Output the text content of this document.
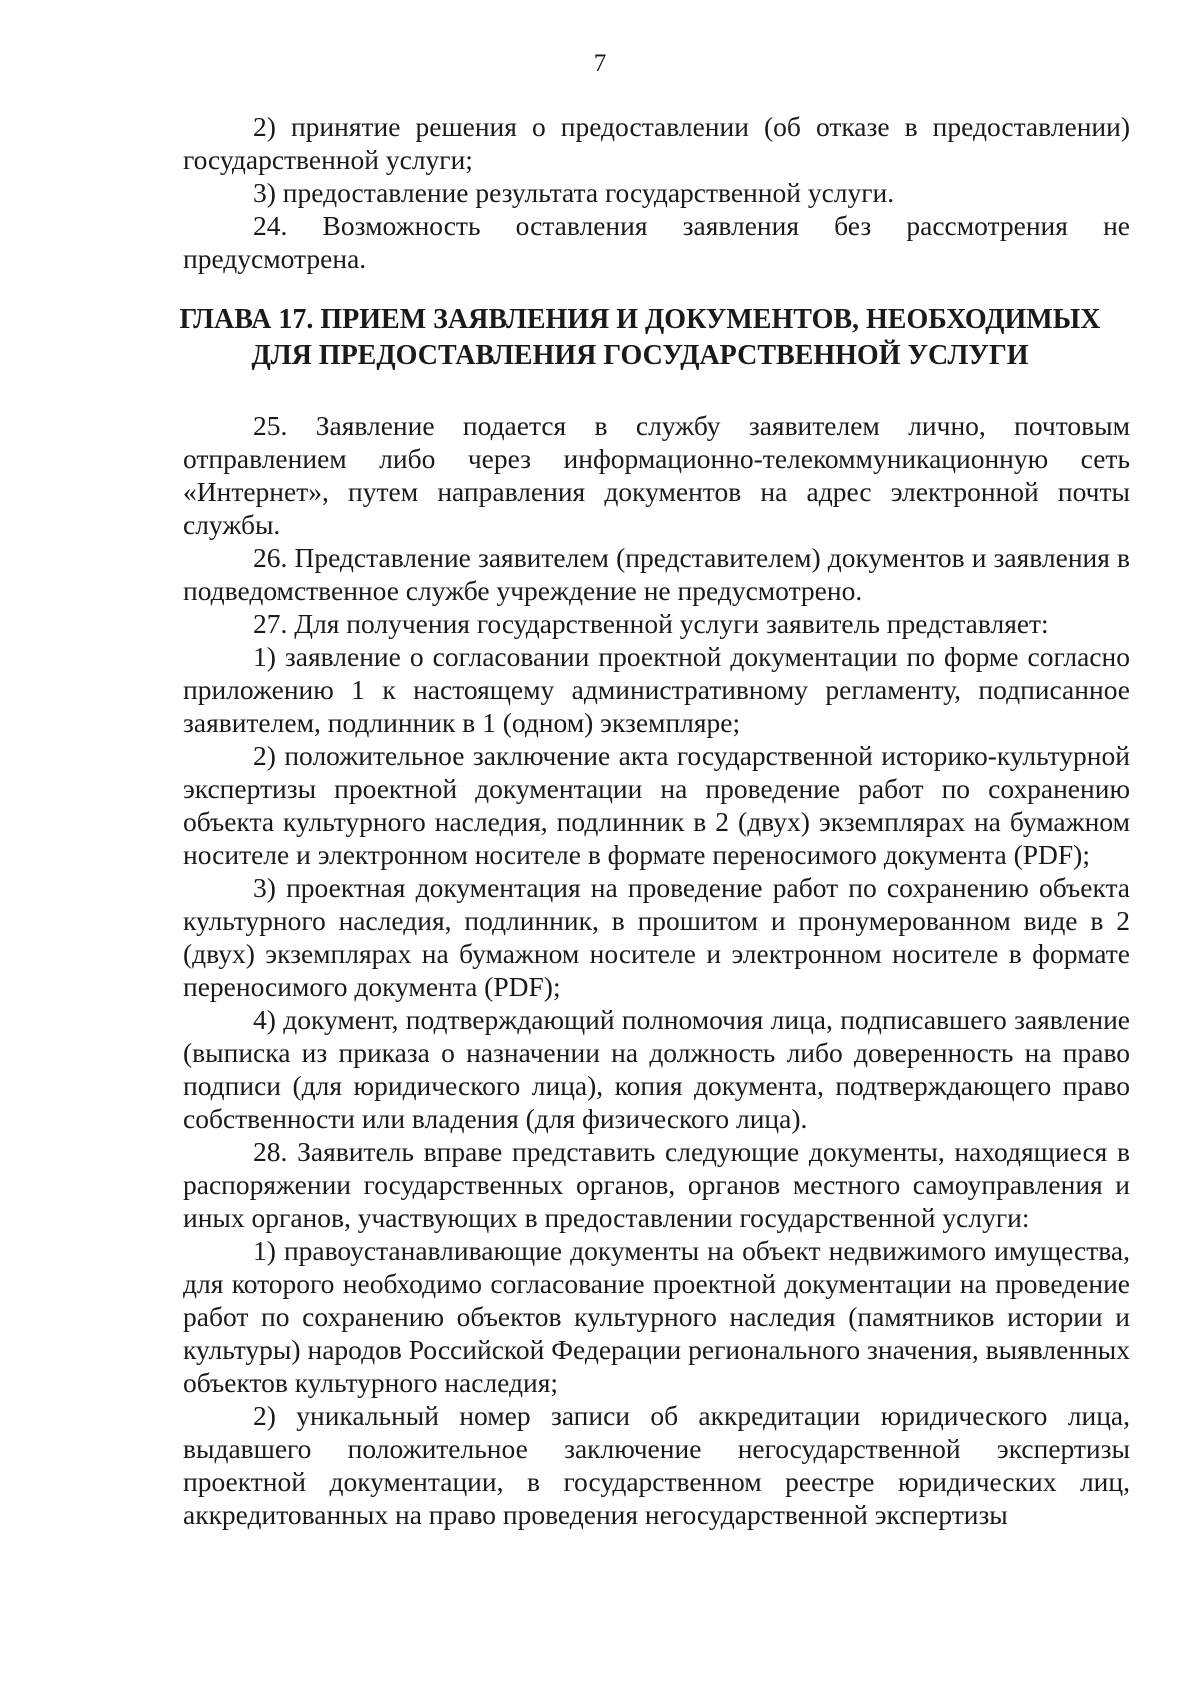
7

2) принятие решения о предоставлении (об отказе в предоставлении) государственной услуги;

3) предоставление результата государственной услуги.

24. Возможность оставления заявления без рассмотрения не предусмотрена.

ГЛАВА 17. ПРИЕМ ЗАЯВЛЕНИЯ И ДОКУМЕНТОВ, НЕОБХОДИМЫХ
ДЛЯ ПРЕДОСТАВЛЕНИЯ ГОСУДАРСТВЕННОЙ УСЛУГИ

25. Заявление подается в службу заявителем лично, почтовым отправлением либо через информационно-телекоммуникационную сеть «Интернет», путем направления документов на адрес электронной почты службы.

26. Представление заявителем (представителем) документов и заявления в подведомственное службе учреждение не предусмотрено.

27. Для получения государственной услуги заявитель представляет:

1) заявление о согласовании проектной документации по форме согласно приложению 1 к настоящему административному регламенту, подписанное заявителем, подлинник в 1 (одном) экземпляре;

2) положительное заключение акта государственной историко-культурной экспертизы проектной документации на проведение работ по сохранению объекта культурного наследия, подлинник в 2 (двух) экземплярах на бумажном носителе и электронном носителе в формате переносимого документа (PDF);

3) проектная документация на проведение работ по сохранению объекта культурного наследия, подлинник, в прошитом и пронумерованном виде в 2 (двух) экземплярах на бумажном носителе и электронном носителе в формате переносимого документа (PDF);

4) документ, подтверждающий полномочия лица, подписавшего заявление (выписка из приказа о назначении на должность либо доверенность на право подписи (для юридического лица), копия документа, подтверждающего право собственности или владения (для физического лица).

28. Заявитель вправе представить следующие документы, находящиеся в распоряжении государственных органов, органов местного самоуправления и иных органов, участвующих в предоставлении государственной услуги:

1) правоустанавливающие документы на объект недвижимого имущества, для которого необходимо согласование проектной документации на проведение работ по сохранению объектов культурного наследия (памятников истории и культуры) народов Российской Федерации регионального значения, выявленных объектов культурного наследия;

2) уникальный номер записи об аккредитации юридического лица, выдавшего положительное заключение негосударственной экспертизы проектной документации, в государственном реестре юридических лиц, аккредитованных на право проведения негосударственной экспертизы
